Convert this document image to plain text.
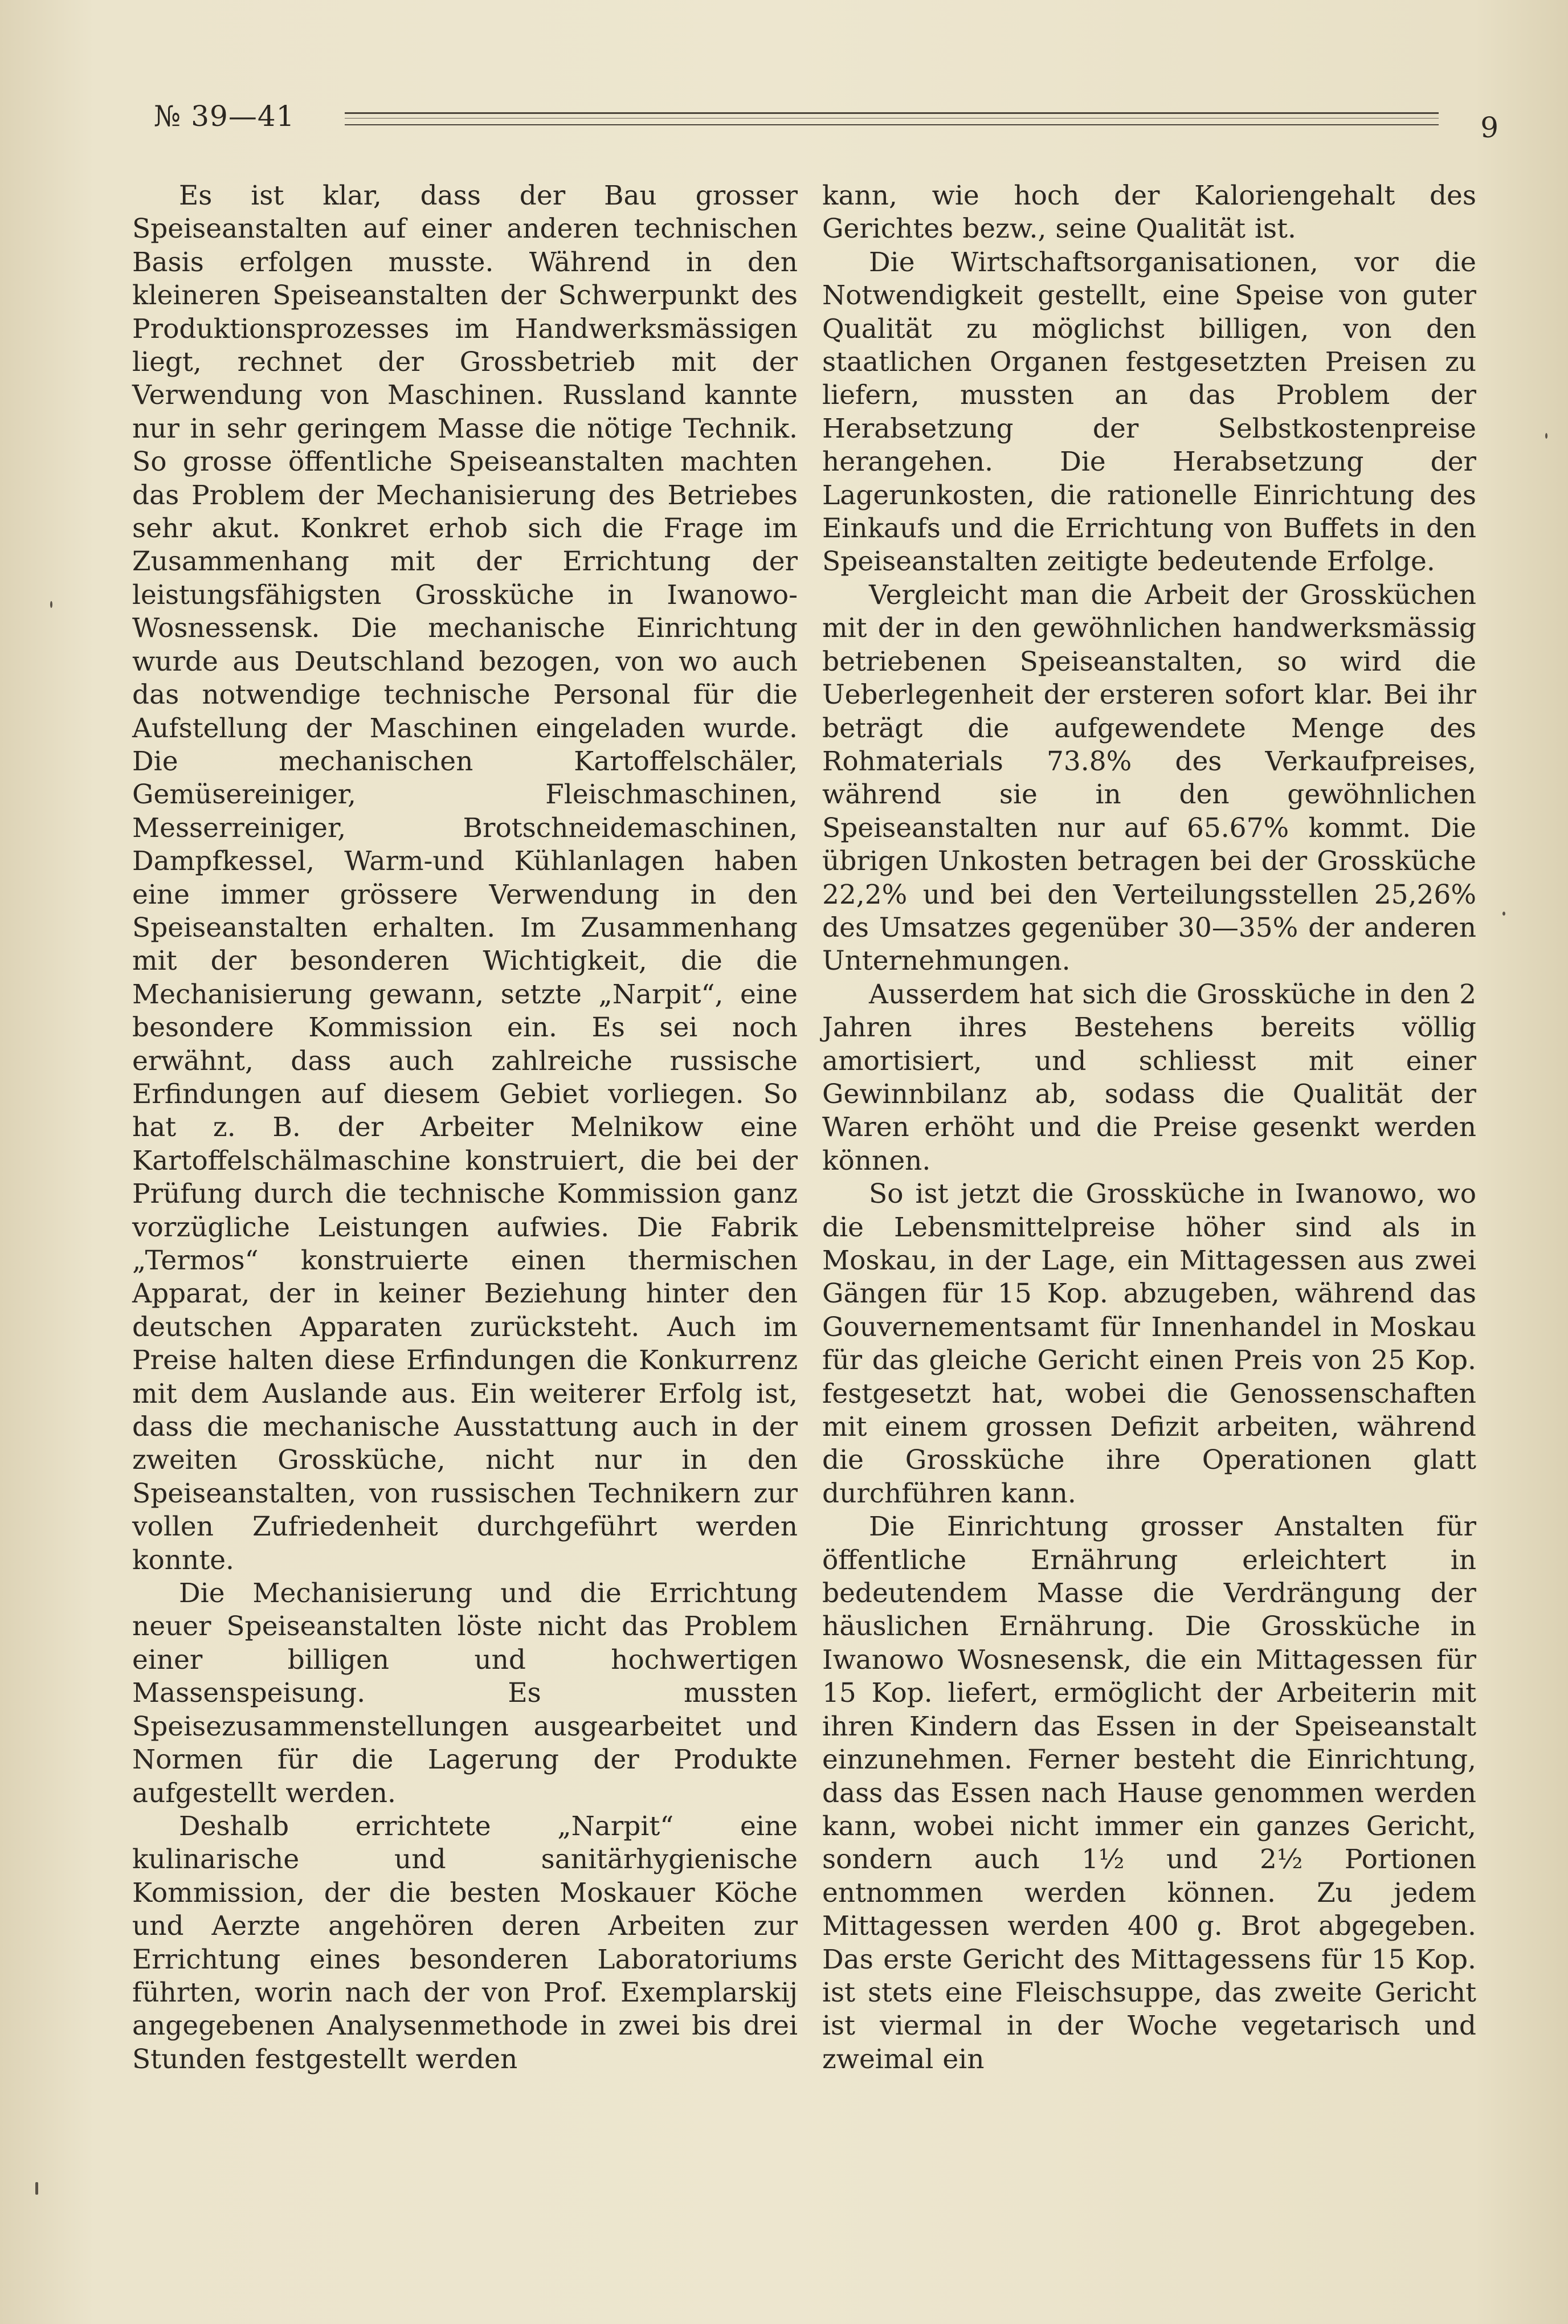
№ 39—41	9

Es ist klar, dass der Bau grosser Speiseanstalten auf einer anderen technischen Basis erfolgen musste. Während in den kleineren Speiseanstalten der Schwerpunkt des Produktionsprozesses im Handwerksmässigen liegt, rechnet der Grossbetrieb mit der Verwendung von Maschinen. Russland kannte nur in sehr geringem Masse die nötige Technik. So grosse öffentliche Speiseanstalten machten das Problem der Mechanisierung des Betriebes sehr akut. Konkret erhob sich die Frage im Zusammenhang mit der Errichtung der leistungsfähigsten Grossküche in Iwanowo-Wosnessensk. Die mechanische Einrichtung wurde aus Deutschland bezogen, von wo auch das notwendige technische Personal für die Aufstellung der Maschinen eingeladen wurde. Die mechanischen Kartoffelschäler, Gemüsereiniger, Fleischmaschinen, Messerreiniger, Brotschneidemaschinen, Dampfkessel, Warm-und Kühlanlagen haben eine immer grössere Verwendung in den Speiseanstalten erhalten. Im Zusammenhang mit der besonderen Wichtigkeit, die die Mechanisierung gewann, setzte „Narpit“, eine besondere Kommission ein. Es sei noch erwähnt, dass auch zahlreiche russische Erfindungen auf diesem Gebiet vorliegen. So hat z. B. der Arbeiter Melnikow eine Kartoffelschälmaschine konstruiert, die bei der Prüfung durch die technische Kommission ganz vorzügliche Leistungen aufwies. Die Fabrik „Termos“ konstruierte einen thermischen Apparat, der in keiner Beziehung hinter den deutschen Apparaten zurücksteht. Auch im Preise halten diese Erfindungen die Konkurrenz mit dem Auslande aus. Ein weiterer Erfolg ist, dass die mechanische Ausstattung auch in der zweiten Grossküche, nicht nur in den Speiseanstalten, von russischen Technikern zur vollen Zufriedenheit durchgeführt werden konnte.

Die Mechanisierung und die Errichtung neuer Speiseanstalten löste nicht das Problem einer billigen und hochwertigen Massenspeisung. Es mussten Speisezusammenstellungen ausgearbeitet und Normen für die Lagerung der Produkte aufgestellt werden.

Deshalb errichtete „Narpit“ eine kulinarische und sanitärhygienische Kommission, der die besten Moskauer Köche und Aerzte angehören deren Arbeiten zur Errichtung eines besonderen Laboratoriums führten, worin nach der von Prof. Exemplarskij angegebenen Analysenmethode in zwei bis drei Stunden festgestellt werden

kann, wie hoch der Kaloriengehalt des Gerichtes bezw., seine Qualität ist.

Die Wirtschaftsorganisationen, vor die Notwendigkeit gestellt, eine Speise von guter Qualität zu möglichst billigen, von den staatlichen Organen festgesetzten Preisen zu liefern, mussten an das Problem der Herabsetzung der Selbstkostenpreise herangehen. Die Herabsetzung der Lagerunkosten, die rationelle Einrichtung des Einkaufs und die Errichtung von Buffets in den Speiseanstalten zeitigte bedeutende Erfolge.

Vergleicht man die Arbeit der Grossküchen mit der in den gewöhnlichen handwerksmässig betriebenen Speiseanstalten, so wird die Ueberlegenheit der ersteren sofort klar. Bei ihr beträgt die aufgewendete Menge des Rohmaterials 73.8% des Verkaufpreises, während sie in den gewöhnlichen Speiseanstalten nur auf 65.67% kommt. Die übrigen Unkosten betragen bei der Grossküche 22,2% und bei den Verteilungsstellen 25,26% des Umsatzes gegenüber 30—35% der anderen Unternehmungen.

Ausserdem hat sich die Grossküche in den 2 Jahren ihres Bestehens bereits völlig amortisiert, und schliesst mit einer Gewinnbilanz ab, sodass die Qualität der Waren erhöht und die Preise gesenkt werden können.

So ist jetzt die Grossküche in Iwanowo, wo die Lebensmittelpreise höher sind als in Moskau, in der Lage, ein Mittagessen aus zwei Gängen für 15 Kop. abzugeben, während das Gouvernementsamt für Innenhandel in Moskau für das gleiche Gericht einen Preis von 25 Kop. festgesetzt hat, wobei die Genossenschaften mit einem grossen Defizit arbeiten, während die Grossküche ihre Operationen glatt durchführen kann.

Die Einrichtung grosser Anstalten für öffentliche Ernährung erleichtert in bedeutendem Masse die Verdrängung der häuslichen Ernährung. Die Grossküche in Iwanowo Wosnesensk, die ein Mittagessen für 15 Kop. liefert, ermöglicht der Arbeiterin mit ihren Kindern das Essen in der Speiseanstalt einzunehmen. Ferner besteht die Einrichtung, dass das Essen nach Hause genommen werden kann, wobei nicht immer ein ganzes Gericht, sondern auch 1½ und 2½ Portionen entnommen werden können. Zu jedem Mittagessen werden 400 g. Brot abgegeben. Das erste Gericht des Mittagessens für 15 Kop. ist stets eine Fleischsuppe, das zweite Gericht ist viermal in der Woche vegetarisch und zweimal ein
